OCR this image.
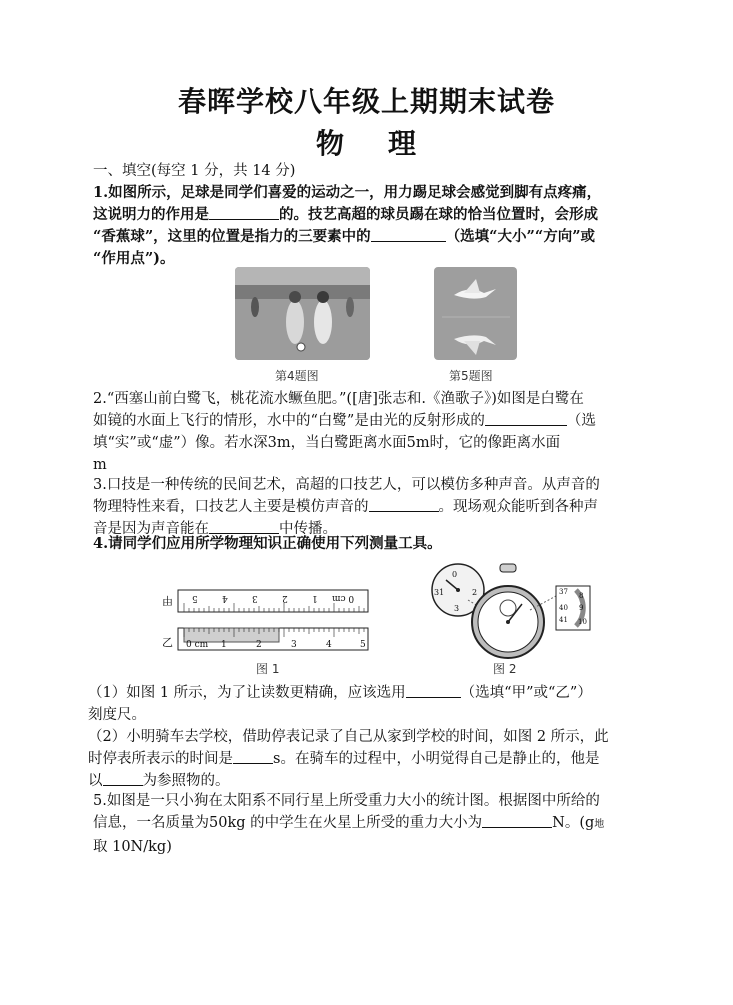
春晖学校八年级上期期末试卷
物    理
一、填空(每空 1 分，共 14 分)
1.如图所示，足球是同学们喜爱的运动之一，用力踢足球会感觉到脚有点疼痛，
这说明力的作用是	的。技艺高超的球员踢在球的恰当位置时，会形成
“香蕉球”，这里的位置是指力的三要素中的	（选填“大小”“方向”或
“作用点”)。
第4题图	第5题图
2.“西塞山前白鹭飞，桃花流水鳜鱼肥。”([唐]张志和.《渔歌子》)如图是白鹭在
如镜的水面上飞行的情形，水中的“白鹭”是由光的反射形成的	（选
填“实”或“虚”）像。若水深3m，当白鹭距离水面5m时，它的像距离水面
m
3.口技是一种传统的民间艺术，高超的口技艺人，可以模仿多种声音。从声音的
物理特性来看，口技艺人主要是模仿声音的	。现场观众能听到各种声
音是因为声音能在	中传播。
4.请同学们应用所学物理知识正确使用下列测量工具。
甲
乙 0 cm 1	2	3	4	5
0 cm
1
2
3
4
5
图 1
0
31	2
3
37 8
9
40
41 10
图 2
（1）如图 1 所示，为了让读数更精确，应该选用	（选填“甲”或“乙”）
刻度尺。
（2）小明骑车去学校，借助停表记录了自己从家到学校的时间，如图 2 所示，此
时停表所表示的时间是	s。在骑车的过程中，小明觉得自己是静止的，他是
以	为参照物的。
5.如图是一只小狗在太阳系不同行星上所受重力大小的统计图。根据图中所给的
信息，一名质量为50kg 的中学生在火星上所受的重力大小为	N。(g地
取 10N/kg)
